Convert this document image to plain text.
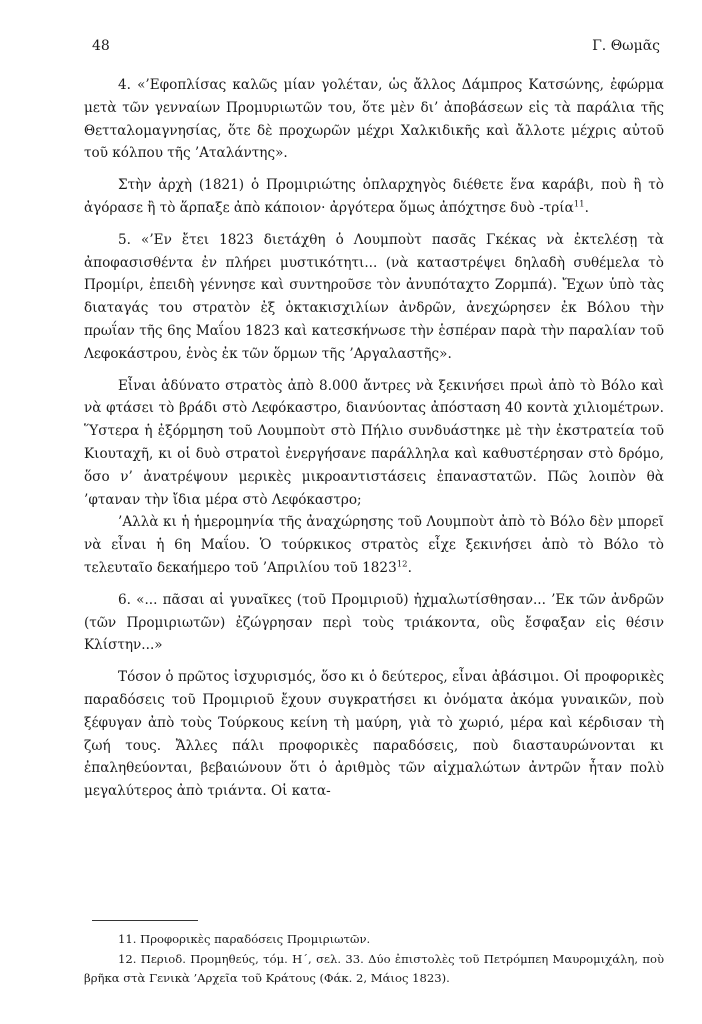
48	Γ. Θωμᾶς

4. «’Εφοπλίσας καλῶς μίαν γολέταν, ὡς ἄλλος Δάμπρος Κατσώνης, ἐφώρμα μετὰ τῶν γενναίων Προμυριωτῶν του, ὅτε μὲν δι’ ἀποβάσεων εἰς τὰ παράλια τῆς Θετταλομαγνησίας, ὅτε δὲ προχωρῶν μέχρι Χαλκιδικῆς καὶ ἄλλοτε μέχρις αὐτοῦ τοῦ κόλπου τῆς ’Αταλάντης».

Στὴν ἀρχὴ (1821) ὁ Προμιριώτης ὀπλαρχηγὸς διέθετε ἕνα καράβι, ποὺ ἢ τὸ ἀγόρασε ἢ τὸ ἅρπαξε ἀπὸ κάποιον· ἀργότερα ὅμως ἀπόχτησε δυὸ -τρία$^{11}$.

5. «’Εν ἔτει 1823 διετάχθη ὁ Λουμποὺτ πασᾶς Γκέκας νὰ ἐκτελέσῃ τὰ ἀποφασισθέντα ἐν πλήρει μυστικότητι... (νὰ καταστρέψει δηλαδὴ συθέμελα τὸ Προμίρι, ἐπειδὴ γέννησε καὶ συντηροῦσε τὸν ἀνυπόταχτο Ζορμπά). Ἔχων ὑπὸ τὰς διαταγάς του στρατὸν ἐξ ὀκτακισχιλίων ἀνδρῶν, ἀνεχώρησεν ἐκ Βόλου τὴν πρωΐαν τῆς 6ης Μαΐου 1823 καὶ κατεσκήνωσε τὴν ἑσπέραν παρὰ τὴν παραλίαν τοῦ Λεφοκάστρου, ἑνὸς ἐκ τῶν ὅρμων τῆς ’Αργαλαστῆς».

Εἶναι ἀδύνατο στρατὸς ἀπὸ 8.000 ἄντρες νὰ ξεκινήσει πρωὶ ἀπὸ τὸ Βόλο καὶ νὰ φτάσει τὸ βράδι στὸ Λεφόκαστρο, διανύοντας ἀπόσταση 40 κοντὰ χιλιομέτρων. Ὕστερα ἡ ἐξόρμηση τοῦ Λουμποὺτ στὸ Πήλιο συνδυάστηκε μὲ τὴν ἐκστρατεία τοῦ Κιουταχῆ, κι οἱ δυὸ στρατοὶ ἐνεργήσανε παράλληλα καὶ καθυστέρησαν στὸ δρόμο, ὅσο ν’ ἀνατρέψουν μερικὲς μικροαντιστάσεις ἐπαναστατῶν. Πῶς λοιπὸν θὰ ’φταναν τὴν ἴδια μέρα στὸ Λεφόκαστρο;

’Αλλὰ κι ἡ ἡμερομηνία τῆς ἀναχώρησης τοῦ Λουμποὺτ ἀπὸ τὸ Βόλο δὲν μπορεῖ νὰ εἶναι ἡ 6η Μαΐου. Ὁ τούρκικος στρατὸς εἶχε ξεκινήσει ἀπὸ τὸ Βόλο τὸ τελευταῖο δεκαήμερο τοῦ ’Απριλίου τοῦ 1823$^{12}$.

6. «... πᾶσαι αἱ γυναῖκες (τοῦ Προμιριοῦ) ἠχμαλωτίσθησαν... ’Εκ τῶν ἀνδρῶν (τῶν Προμιριωτῶν) ἐζώγρησαν περὶ τοὺς τριάκοντα, οὓς ἔσφαξαν εἰς θέσιν Κλίστην...»

Τόσον ὁ πρῶτος ἰσχυρισμός, ὅσο κι ὁ δεύτερος, εἶναι ἀβάσιμοι. Οἱ προφορικὲς παραδόσεις τοῦ Προμιριοῦ ἔχουν συγκρατήσει κι ὀνόματα ἀκόμα γυναικῶν, ποὺ ξέφυγαν ἀπὸ τοὺς Τούρκους κείνη τὴ μαύρη, γιὰ τὸ χωριό, μέρα καὶ κέρδισαν τὴ ζωή τους. Ἄλλες πάλι προφορικὲς παραδόσεις, ποὺ διασταυρώνονται κι ἐπαληθεύονται, βεβαιώνουν ὅτι ὁ ἀριθμὸς τῶν αἰχμαλώτων ἀντρῶν ἦταν πολὺ μεγαλύτερος ἀπὸ τριάντα. Οἱ κατα-

11. Προφορικὲς παραδόσεις Προμιριωτῶν.

12. Περιοδ. Προμηθεύς, τόμ. Η΄, σελ. 33. Δύο ἐπιστολὲς τοῦ Πετρόμπεη Μαυρομιχάλη, ποὺ βρῆκα στὰ Γενικὰ ’Αρχεῖα τοῦ Κράτους (Φάκ. 2, Μάιος 1823).
